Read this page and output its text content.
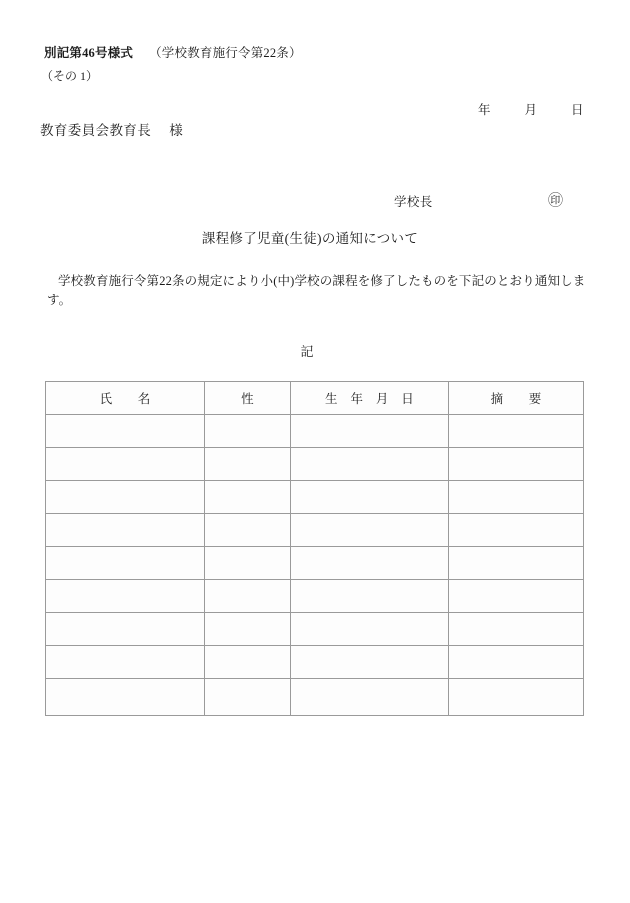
別記第46号様式 （学校教育施行令第22条）
（その 1）
年	月	日
教育委員会教育長 様
学校長	㊞
課程修了児童(生徒)の通知について
学校教育施行令第22条の規定により小(中)学校の課程を修了したものを下記のとおり通知します。
記
氏　　名	性	生　年　月　日	摘　　要
